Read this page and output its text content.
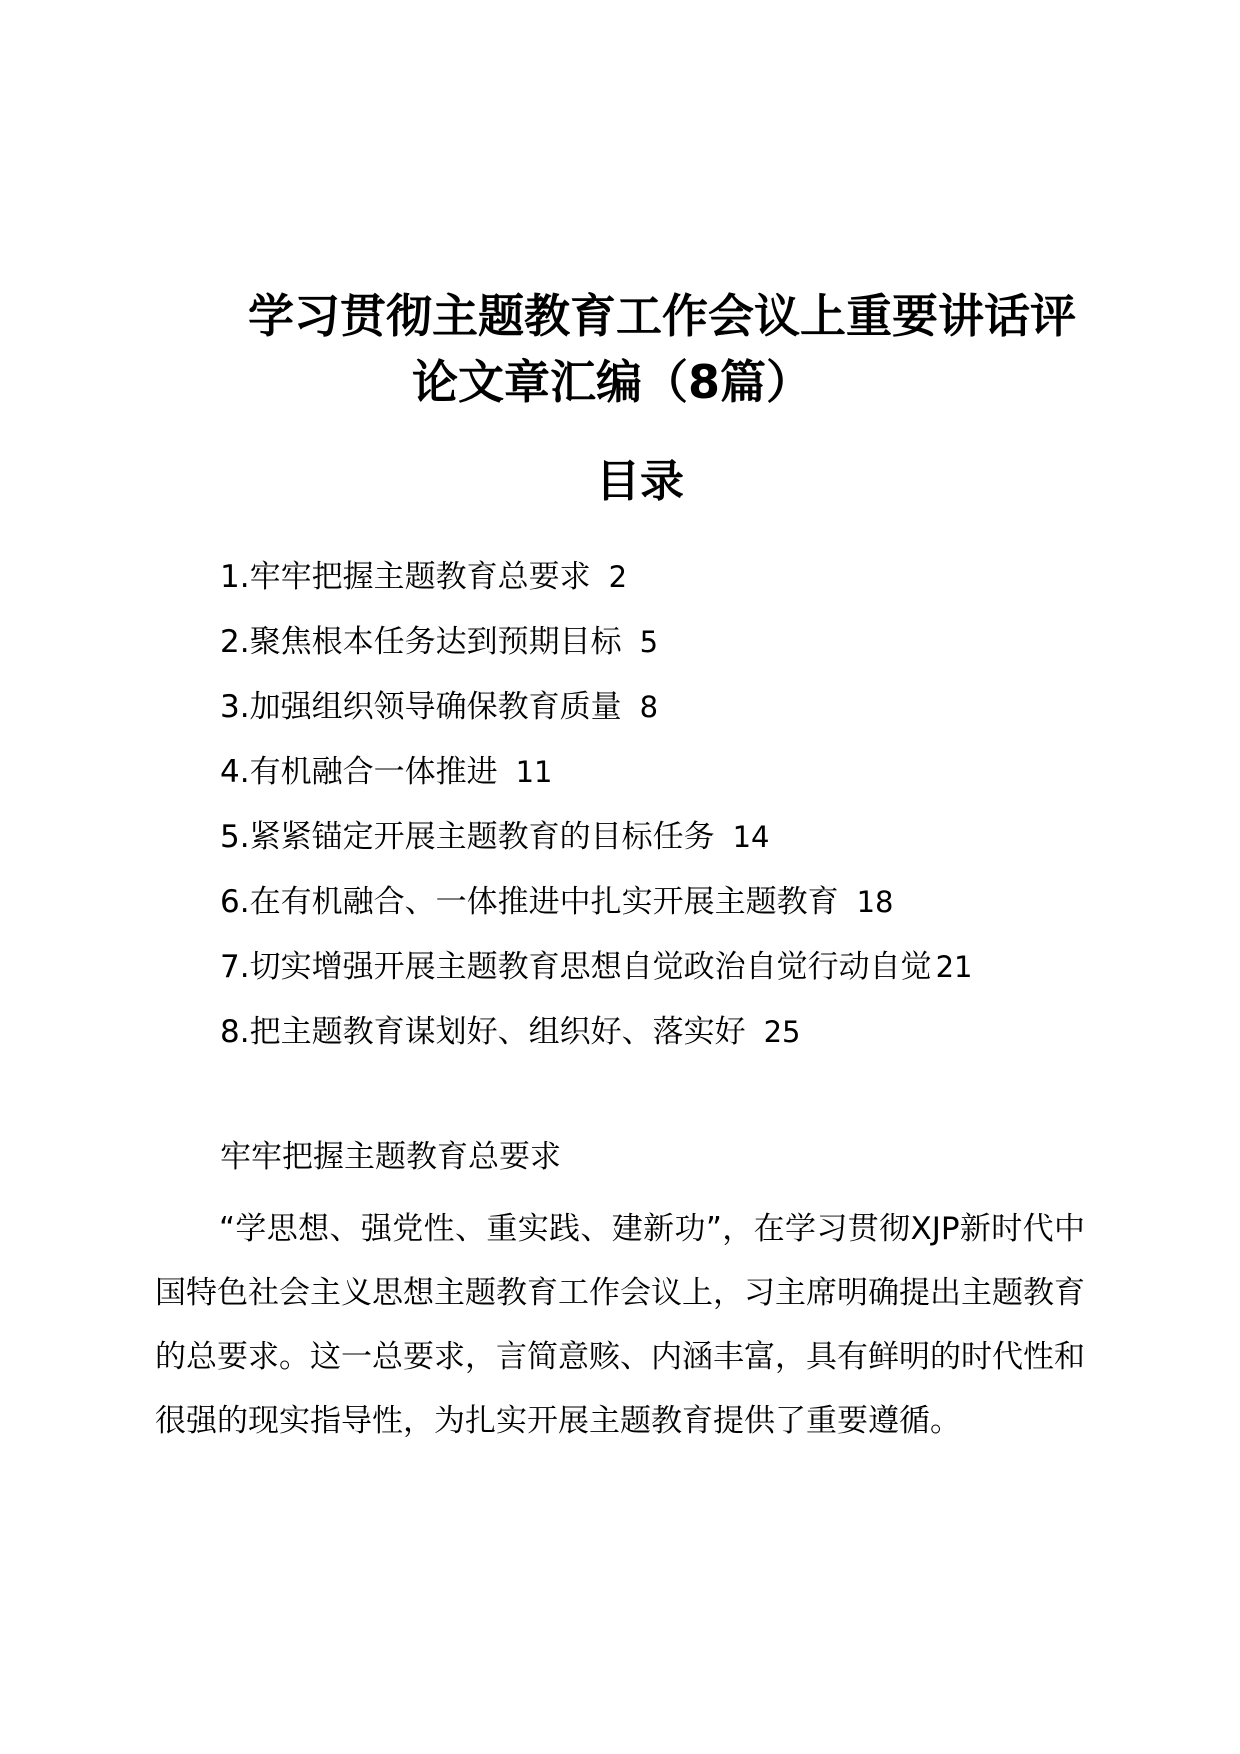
学习贯彻主题教育工作会议上重要讲话评
论文章汇编（8篇）
目录
1.牢牢把握主题教育总要求 2
2.聚焦根本任务达到预期目标 5
3.加强组织领导确保教育质量 8
4.有机融合一体推进 11
5.紧紧锚定开展主题教育的目标任务 14
6.在有机融合、一体推进中扎实开展主题教育 18
7.切实增强开展主题教育思想自觉政治自觉行动自觉 21
8.把主题教育谋划好、组织好、落实好 25
牢牢把握主题教育总要求

“学思想、强党性、重实践、建新功”，在学习贯彻XJP新时代中国特色社会主义思想主题教育工作会议上，习主席明确提出主题教育的总要求。这一总要求，言简意赅、内涵丰富，具有鲜明的时代性和很强的现实指导性，为扎实开展主题教育提供了重要遵循。
